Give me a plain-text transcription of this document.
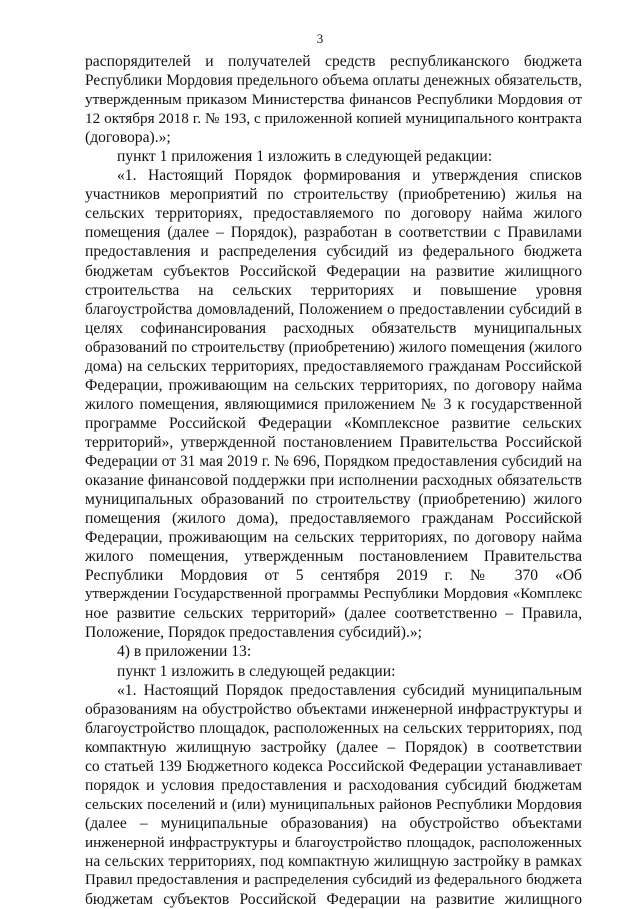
3
распорядителей и получателей средств республиканского бюджета
Республики Мордовия предельного объема оплаты денежных обязательств,
утвержденным приказом Министерства финансов Республики Мордовия от
12 октября 2018 г. № 193, с приложенной копией муниципального контракта
(договора).»;
пункт 1 приложения 1 изложить в следующей редакции:
«1. Настоящий Порядок формирования и утверждения списков
участников мероприятий по строительству (приобретению) жилья на
сельских территориях, предоставляемого по договору найма жилого
помещения (далее – Порядок), разработан в соответствии с Правилами
предоставления и распределения субсидий из федерального бюджета
бюджетам субъектов Российской Федерации на развитие жилищного
строительства на сельских территориях и повышение уровня
благоустройства домовладений, Положением о предоставлении субсидий в
целях софинансирования расходных обязательств муниципальных
образований по строительству (приобретению) жилого помещения (жилого
дома) на сельских территориях, предоставляемого гражданам Российской
Федерации, проживающим на сельских территориях, по договору найма
жилого помещения, являющимися приложением № 3 к государственной
программе Российской Федерации «Комплексное развитие сельских
территорий», утвержденной постановлением Правительства Российской
Федерации от 31 мая 2019 г. № 696, Порядком предоставления субсидий на
оказание финансовой поддержки при исполнении расходных обязательств
муниципальных образований по строительству (приобретению) жилого
помещения (жилого дома), предоставляемого гражданам Российской
Федерации, проживающим на сельских территориях, по договору найма
жилого помещения, утвержденным постановлением Правительства
Республики Мордовия от 5 сентября 2019 г. № 370 «Об
утверждении Государственной программы Республики Мордовия «Комплекс
ное развитие сельских территорий» (далее соответственно – Правила,
Положение, Порядок предоставления субсидий).»;
4) в приложении 13:
пункт 1 изложить в следующей редакции:
«1. Настоящий Порядок предоставления субсидий муниципальным
образованиям на обустройство объектами инженерной инфраструктуры и
благоустройство площадок, расположенных на сельских территориях, под
компактную жилищную застройку (далее – Порядок) в соответствии
со статьей 139 Бюджетного кодекса Российской Федерации устанавливает
порядок и условия предоставления и расходования субсидий бюджетам
сельских поселений и (или) муниципальных районов Республики Мордовия
(далее – муниципальные образования) на обустройство объектами
инженерной инфраструктуры и благоустройство площадок, расположенных
на сельских территориях, под компактную жилищную застройку в рамках
Правил предоставления и распределения субсидий из федерального бюджета
бюджетам субъектов Российской Федерации на развитие жилищного
